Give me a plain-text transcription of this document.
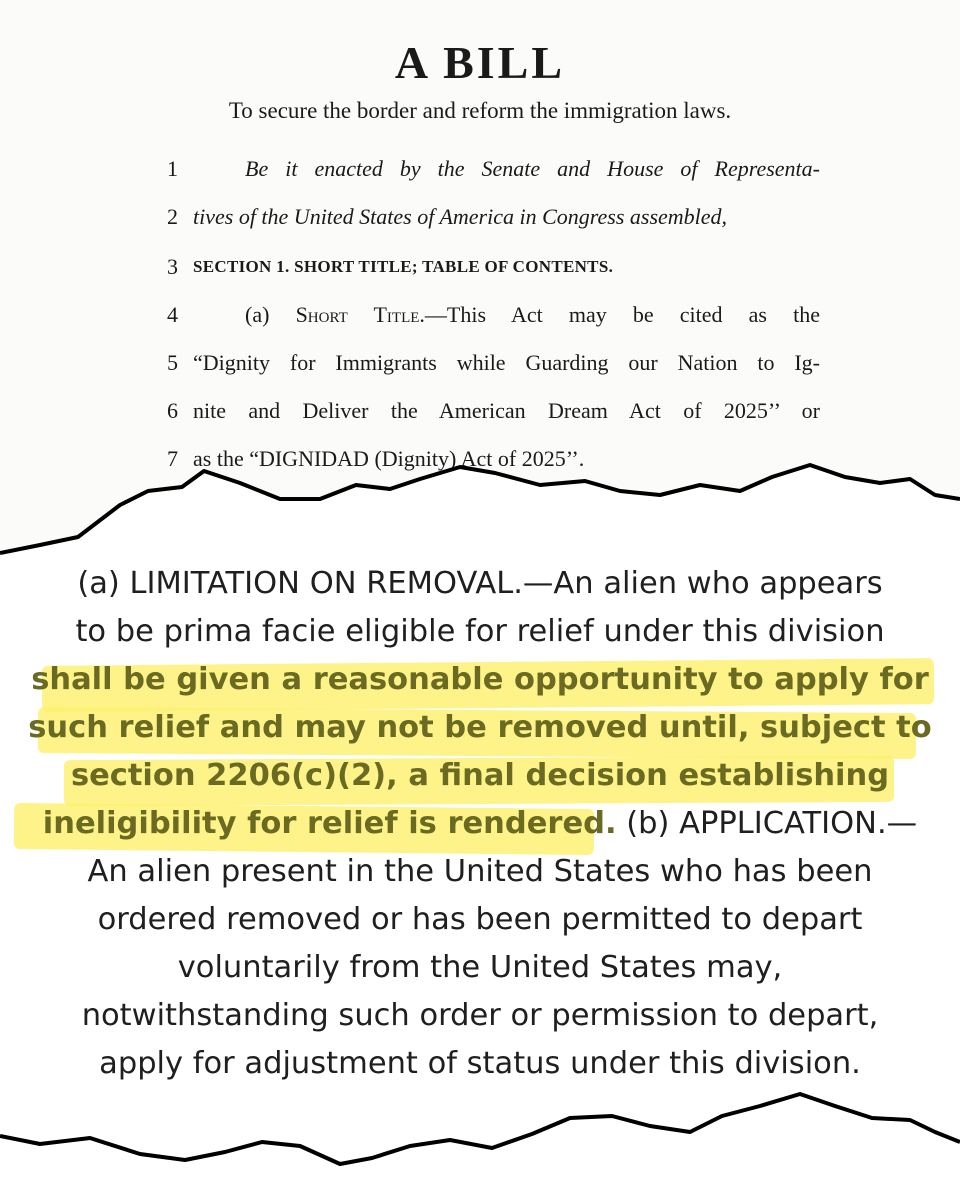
A BILL
To secure the border and reform the immigration laws.
1	Be it enacted by the Senate and House of Representa-
2 tives of the United States of America in Congress assembled,
3 SECTION 1. SHORT TITLE; TABLE OF CONTENTS.
4	(a) Short Title.—This Act may be cited as the
5 “Dignity for Immigrants while Guarding our Nation to Ig-
6 nite and Deliver the American Dream Act of 2025’’ or
7 as the “DIGNIDAD (Dignity) Act of 2025’’.
(a) LIMITATION ON REMOVAL.—An alien who appears
to be prima facie eligible for relief under this division
shall be given a reasonable opportunity to apply for
such relief and may not be removed until, subject to
section 2206(c)(2), a final decision establishing
ineligibility for relief is rendered. (b) APPLICATION.—
An alien present in the United States who has been
ordered removed or has been permitted to depart
voluntarily from the United States may,
notwithstanding such order or permission to depart,
apply for adjustment of status under this division.
